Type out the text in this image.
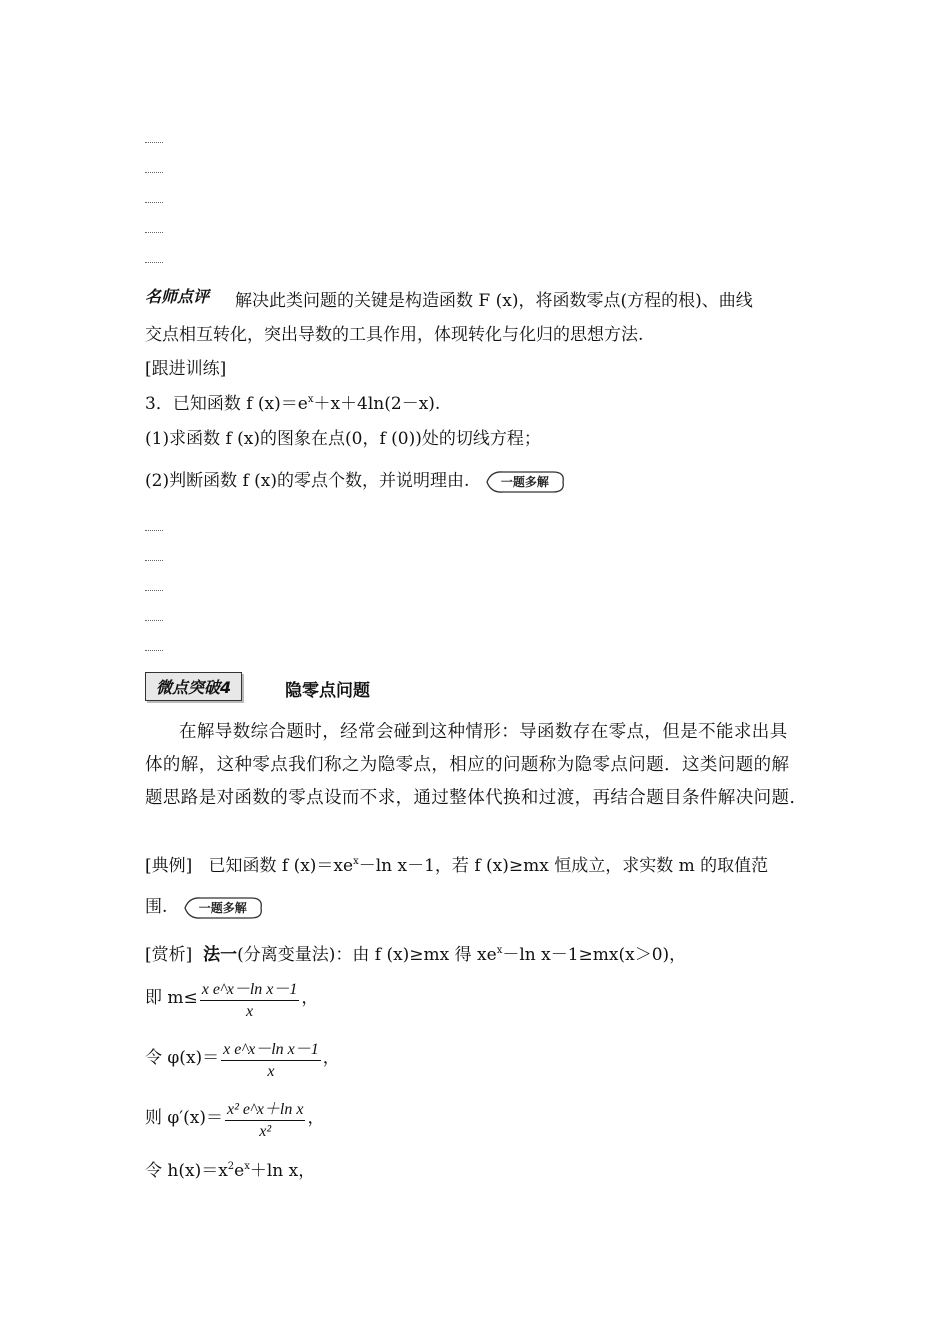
名师点评 解决此类问题的关键是构造函数 F (x)，将函数零点(方程的根)、曲线
交点相互转化，突出导数的工具作用，体现转化与化归的思想方法.
[跟进训练]
3．已知函数 f $(x)=e^x+x+4\ln(2-x)$.
(1)求函数 f (x)的图象在点(0，f (0))处的切线方程；
(2)判断函数 f (x)的零点个数，并说明理由.	一题多解
微点突破4	隐零点问题
在解导数综合题时，经常会碰到这种情形：导函数存在零点，但是不能求出具体的解，这种零点我们称之为隐零点，相应的问题称为隐零点问题．这类问题的解题思路是对函数的零点设而不求，通过整体代换和过渡，再结合题目条件解决问题.
[典例] 已知函数 f $(x)=xe^x-\ln$ x－1，若 f (x)≥mx 恒成立，求实数 m 的取值范
围.	一题多解
[赏析] 法一(分离变量法)：由 f (x)≥mx 得 $xe^x-\ln$ x－1≥mx(x＞0)，
即 $m\le \frac{\text{x e\textasciicircum{}x－ln x－1}}{x}$ ，
令 $\varphi(x)= \frac{\text{x e\textasciicircum{}x－ln x－1}}{x}$ ，
则 $\varphi'(x)= \frac{\text{x² e\textasciicircum{}x＋ln x}}{\text{x²}}$ ，
令 $h(x)=x^2e^x+\ln$ x，
